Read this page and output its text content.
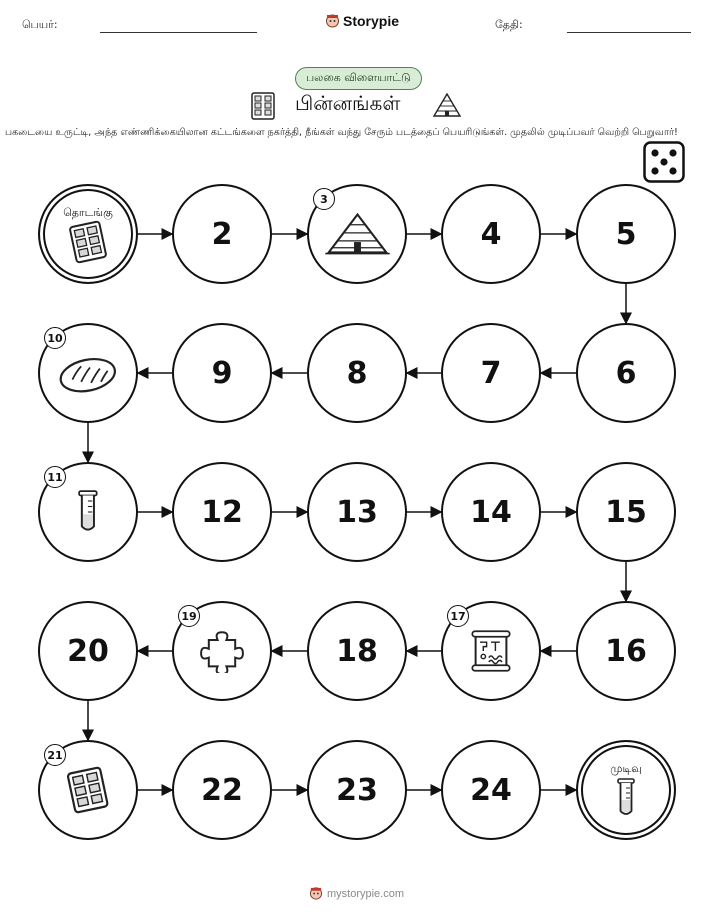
பெயர்:	Storypie	தேதி:
பலகை விளையாட்டு
பின்னங்கள்
பகடையை உருட்டி, அந்த எண்ணிக்கையிலான கட்டங்களை நகர்த்தி, நீங்கள் வந்து சேரும் படத்தைப் பெயரிடுங்கள். முதலில் முடிப்பவர் வெற்றி பெறுவார்!
தொடங்கு
2
3
4	5
6
7
8
9
10
11
12	13	14	15
16
17
18
19
20
21
22	23	24
முடிவு
mystorypie.com
